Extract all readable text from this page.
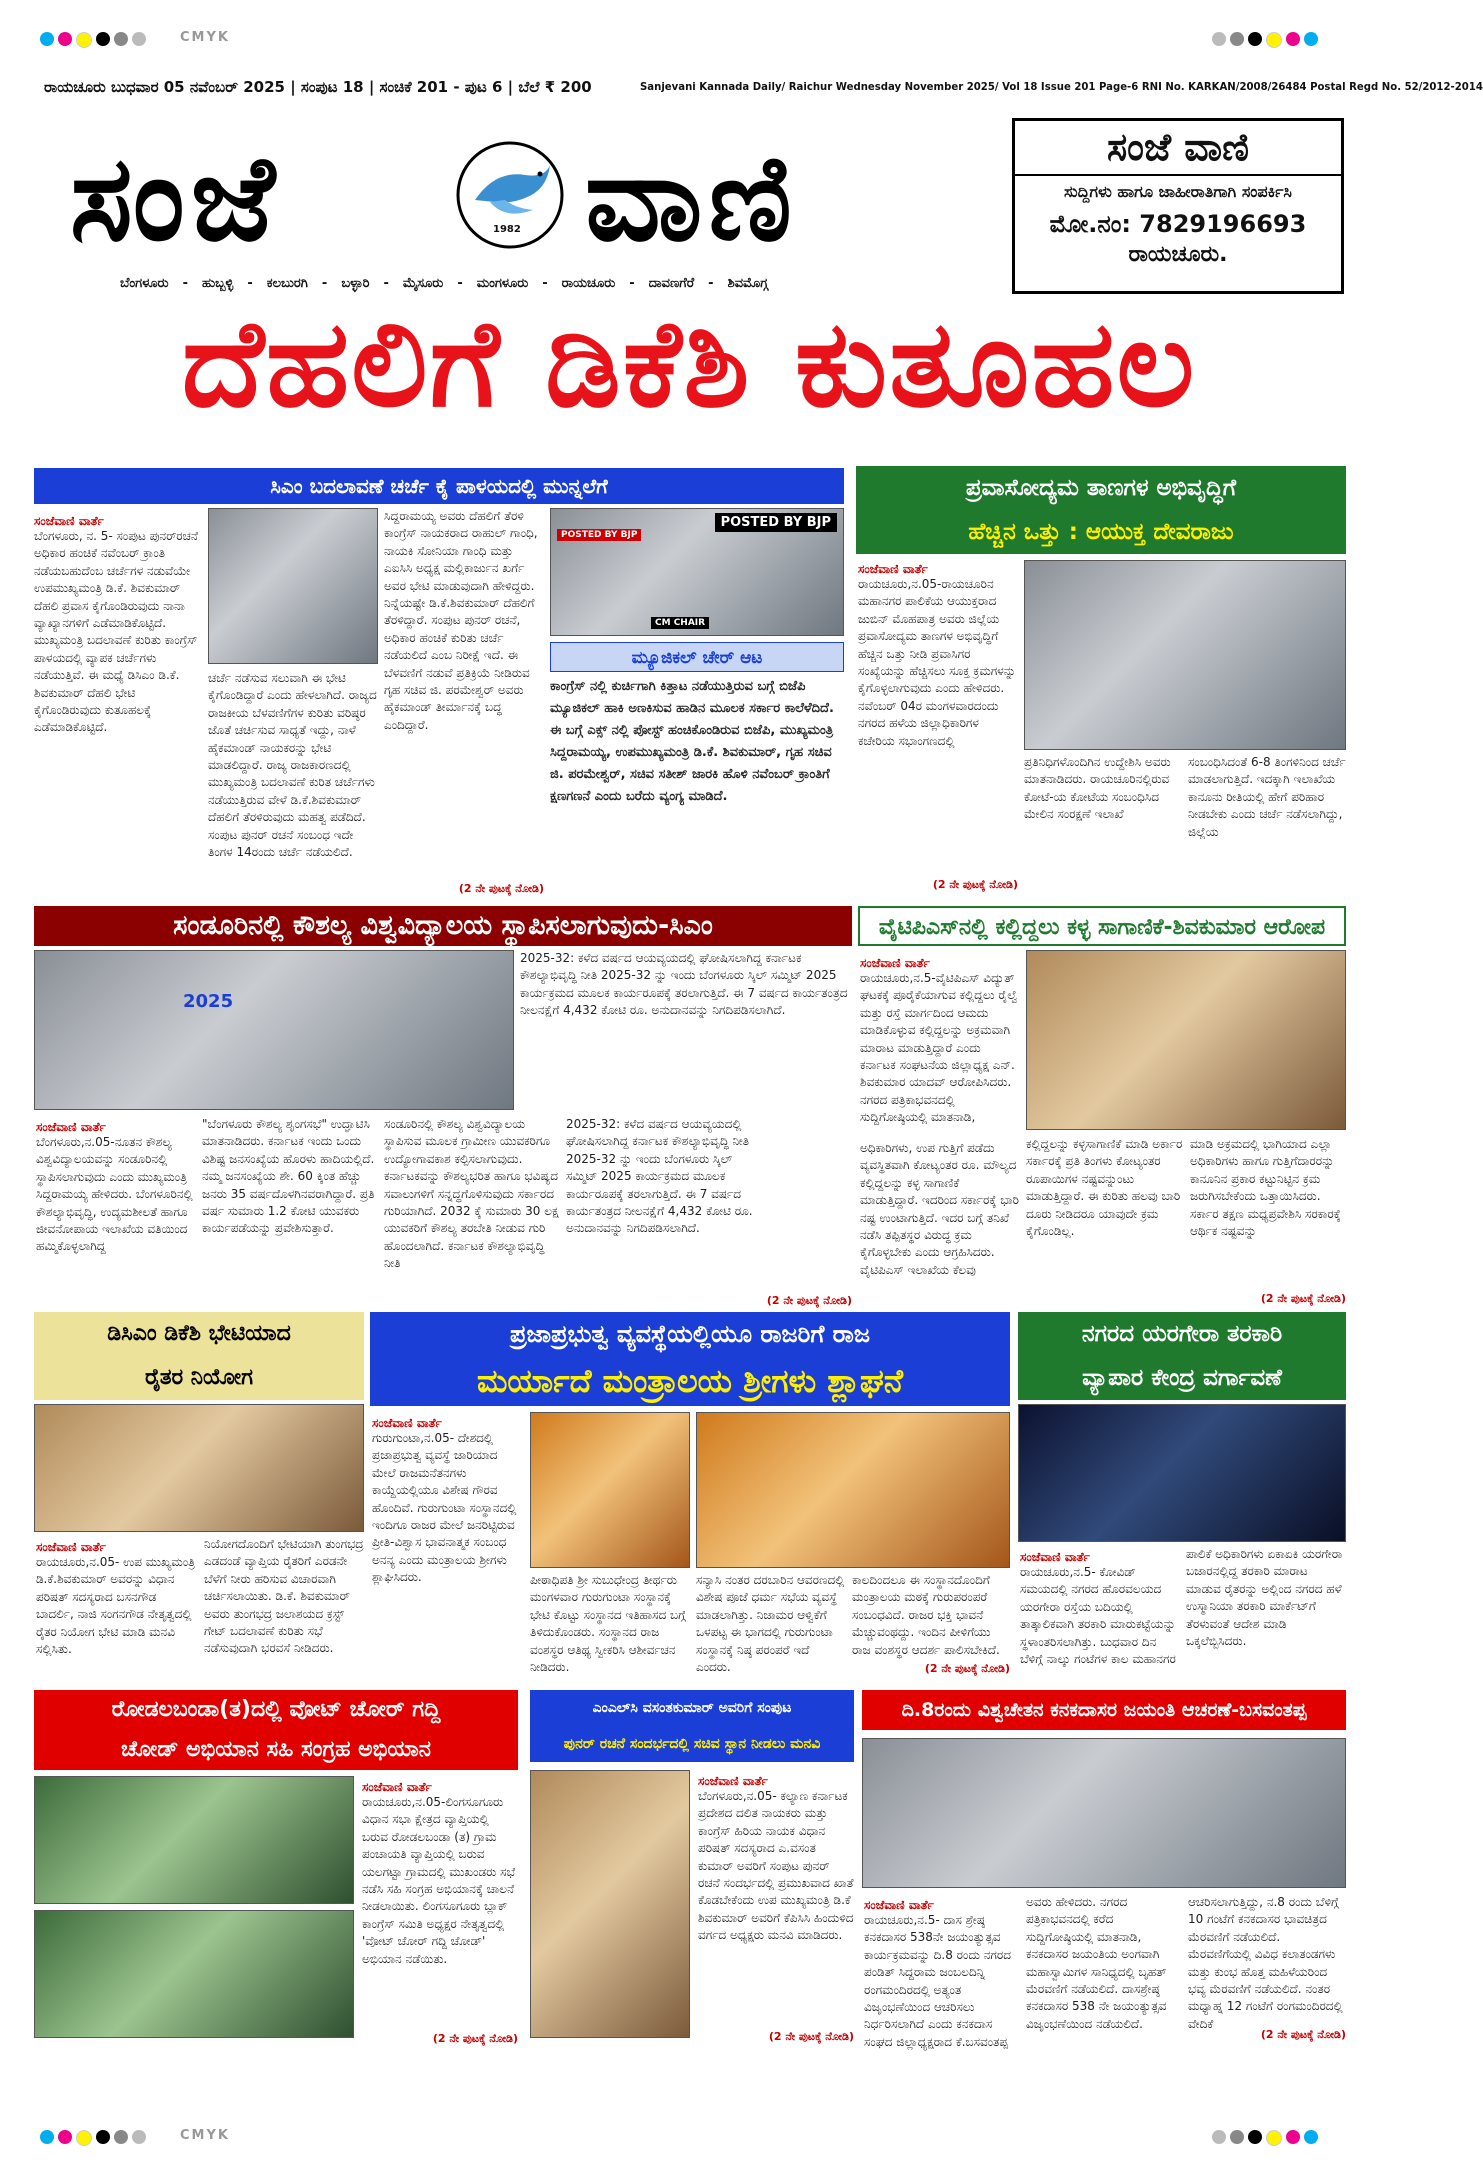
CMYK
ರಾಯಚೂರು ಬುಧವಾರ 05 ನವೆಂಬರ್ 2025 | ಸಂಪುಟ 18 | ಸಂಚಿಕೆ 201 - ಪುಟ 6 | ಬೆಲೆ ₹ 200	Sanjevani Kannada Daily/ Raichur Wednesday November 2025/ Vol 18 Issue 201 Page-6 RNI No. KARKAN/2008/26484 Postal Regd No. 52/2012-2014
ಸಂಜೆ	1982 ವಾಣಿ
ಬೆಂಗಳೂರು - ಹುಬ್ಬಳ್ಳಿ - ಕಲಬುರಗಿ - ಬಳ್ಳಾರಿ - ಮೈಸೂರು - ಮಂಗಳೂರು - ರಾಯಚೂರು - ದಾವಣಗೆರೆ - ಶಿವಮೊಗ್ಗ
ಸಂಜೆ ವಾಣಿ
ಸುದ್ದಿಗಳು ಹಾಗೂ ಜಾಹೀರಾತಿಗಾಗಿ ಸಂಪರ್ಕಿಸಿ
ಮೋ.ನಂ: 7829196693
ರಾಯಚೂರು.
ದೆಹಲಿಗೆ ಡಿಕೆಶಿ ಕುತೂಹಲ
ಸಿಎಂ ಬದಲಾವಣೆ ಚರ್ಚೆ ಕೈ ಪಾಳಯದಲ್ಲಿ ಮುನ್ನಲೆಗೆ
ಸಂಜೆವಾಣಿ ವಾರ್ತೆ
ಬೆಂಗಳೂರು, ನ. 5- ಸಂಪುಟ ಪುನರ್‌ರಚನೆ ಅಧಿಕಾರ ಹಂಚಿಕೆ ನವೆಂಬರ್ ಕ್ರಾಂತಿ ನಡೆಯಬಹುದೆಂಬ ಚರ್ಚೆಗಳ ನಡುವೆಯೇ ಉಪಮುಖ್ಯಮಂತ್ರಿ ಡಿ.ಕೆ. ಶಿವಕುಮಾರ್ ದೆಹಲಿ ಪ್ರವಾಸ ಕೈಗೊಂಡಿರುವುದು ನಾನಾ ವ್ಯಾಖ್ಯಾನಗಳಿಗೆ ಎಡೆಮಾಡಿಕೊಟ್ಟಿದೆ. ಮುಖ್ಯಮಂತ್ರಿ ಬದಲಾವಣೆ ಕುರಿತು ಕಾಂಗ್ರೆಸ್ ಪಾಳಯದಲ್ಲಿ ವ್ಯಾಪಕ ಚರ್ಚೆಗಳು ನಡೆಯುತ್ತಿವೆ. ಈ ಮಧ್ಯೆ ಡಿಸಿಎಂ ಡಿ.ಕೆ. ಶಿವಕುಮಾರ್ ದೆಹಲಿ ಭೇಟಿ ಕೈಗೊಂಡಿರುವುದು ಕುತೂಹಲಕ್ಕೆ ಎಡೆಮಾಡಿಕೊಟ್ಟಿದೆ.
ಚರ್ಚೆ ನಡೆಸುವ ಸಲುವಾಗಿ ಈ ಭೇಟಿ ಕೈಗೊಂಡಿದ್ದಾರೆ ಎಂದು ಹೇಳಲಾಗಿದೆ. ರಾಜ್ಯದ ರಾಜಕೀಯ ಬೆಳವಣಿಗೆಗಳ ಕುರಿತು ವರಿಷ್ಠರ ಜೊತೆ ಚರ್ಚಿಸುವ ಸಾಧ್ಯತೆ ಇದ್ದು, ನಾಳೆ ಹೈಕಮಾಂಡ್ ನಾಯಕರನ್ನು ಭೇಟಿ ಮಾಡಲಿದ್ದಾರೆ. ರಾಜ್ಯ ರಾಜಕಾರಣದಲ್ಲಿ ಮುಖ್ಯಮಂತ್ರಿ ಬದಲಾವಣೆ ಕುರಿತ ಚರ್ಚೆಗಳು ನಡೆಯುತ್ತಿರುವ ವೇಳೆ ಡಿ.ಕೆ.ಶಿವಕುಮಾರ್ ದೆಹಲಿಗೆ ತೆರಳಿರುವುದು ಮಹತ್ವ ಪಡೆದಿದೆ. ಸಂಪುಟ ಪುನರ್ ರಚನೆ ಸಂಬಂಧ ಇದೇ ತಿಂಗಳ 14ರಂದು ಚರ್ಚೆ ನಡೆಯಲಿದೆ.
ಸಿದ್ದರಾಮಯ್ಯ ಅವರು ದೆಹಲಿಗೆ ತೆರಳಿ ಕಾಂಗ್ರೆಸ್ ನಾಯಕರಾದ ರಾಹುಲ್ ಗಾಂಧಿ, ನಾಯಕಿ ಸೋನಿಯಾ ಗಾಂಧಿ ಮತ್ತು ಎಐಸಿಸಿ ಅಧ್ಯಕ್ಷ ಮಲ್ಲಿಕಾರ್ಜುನ ಖರ್ಗೆ ಅವರ ಭೇಟಿ ಮಾಡುವುದಾಗಿ ಹೇಳಿದ್ದರು. ನಿನ್ನೆಯಷ್ಟೇ ಡಿ.ಕೆ.ಶಿವಕುಮಾರ್ ದೆಹಲಿಗೆ ತೆರಳಿದ್ದಾರೆ. ಸಂಪುಟ ಪುನರ್ ರಚನೆ, ಅಧಿಕಾರ ಹಂಚಿಕೆ ಕುರಿತು ಚರ್ಚೆ ನಡೆಯಲಿದೆ ಎಂಬ ನಿರೀಕ್ಷೆ ಇದೆ. ಈ ಬೆಳವಣಿಗೆ ನಡುವೆ ಪ್ರತಿಕ್ರಿಯೆ ನೀಡಿರುವ ಗೃಹ ಸಚಿವ ಜಿ. ಪರಮೇಶ್ವರ್ ಅವರು ಹೈಕಮಾಂಡ್ ತೀರ್ಮಾನಕ್ಕೆ ಬದ್ಧ ಎಂದಿದ್ದಾರೆ.
(2 ನೇ ಪುಟಕ್ಕೆ ನೋಡಿ)
POSTED BY BJP
POSTED BY BJP
CM CHAIR
ಮ್ಯೂಜಿಕಲ್ ಚೇರ್ ಆಟ
ಕಾಂಗ್ರೆಸ್ ನಲ್ಲಿ ಕುರ್ಚಿಗಾಗಿ ಕಿತ್ತಾಟ ನಡೆಯುತ್ತಿರುವ ಬಗ್ಗೆ ಬಿಜೆಪಿ ಮ್ಯೂಜಿಕಲ್ ಹಾಕಿ ಅಣಕಿಸುವ ಹಾಡಿನ ಮೂಲಕ ಸರ್ಕಾರ ಕಾಲೆಳೆದಿದೆ. ಈ ಬಗ್ಗೆ ಎಕ್ಸ್ ನಲ್ಲಿ ಪೋಸ್ಟ್ ಹಂಚಿಕೊಂಡಿರುವ ಬಿಜೆಪಿ, ಮುಖ್ಯಮಂತ್ರಿ ಸಿದ್ದರಾಮಯ್ಯ, ಉಪಮುಖ್ಯಮಂತ್ರಿ ಡಿ.ಕೆ. ಶಿವಕುಮಾರ್, ಗೃಹ ಸಚಿವ ಜಿ. ಪರಮೇಶ್ವರ್, ಸಚಿವ ಸತೀಶ್ ಜಾರಕಿ ಹೊಳಿ ನವೆಂಬರ್ ಕ್ರಾಂತಿಗೆ ಕ್ಷಣಗಣನೆ ಎಂದು ಬರೆದು ವ್ಯಂಗ್ಯ ಮಾಡಿದೆ.
ಪ್ರವಾಸೋದ್ಯಮ ತಾಣಗಳ ಅಭಿವೃದ್ಧಿಗೆ
ಹೆಚ್ಚಿನ ಒತ್ತು : ಆಯುಕ್ತ ದೇವರಾಜು
ಸಂಜೆವಾಣಿ ವಾರ್ತೆ
ರಾಯಚೂರು,ನ.05-ರಾಯಚೂರಿನ ಮಹಾನಗರ ಪಾಲಿಕೆಯ ಆಯುಕ್ತರಾದ ಜುಬಿನ್ ಮೊಹಪಾತ್ರ ಅವರು ಜಿಲ್ಲೆಯ ಪ್ರವಾಸೋದ್ಯಮ ತಾಣಗಳ ಅಭಿವೃದ್ಧಿಗೆ ಹೆಚ್ಚಿನ ಒತ್ತು ನೀಡಿ ಪ್ರವಾಸಿಗರ ಸಂಖ್ಯೆಯನ್ನು ಹೆಚ್ಚಿಸಲು ಸೂಕ್ತ ಕ್ರಮಗಳನ್ನು ಕೈಗೊಳ್ಳಲಾಗುವುದು ಎಂದು ಹೇಳಿದರು. ನವೆಂಬರ್ 04ರ ಮಂಗಳವಾರದಂದು ನಗರದ ಹಳೆಯ ಜಿಲ್ಲಾಧಿಕಾರಿಗಳ ಕಚೇರಿಯ ಸಭಾಂಗಣದಲ್ಲಿ
ಪ್ರತಿನಿಧಿಗಳೊಂದಿಗಿನ ಉದ್ದೇಶಿಸಿ ಅವರು ಮಾತನಾಡಿದರು. ರಾಯಚೂರಿನಲ್ಲಿರುವ ಕೋಟೆ-ಯ ಕೋಟೆಯ ಸಂಬಂಧಿಸಿದ ಮೇಲಿನ ಸಂರಕ್ಷಣೆ ಇಲಾಖೆ
ಸಂಬಂಧಿಸಿದಂತೆ 6-8 ತಿಂಗಳಿನಿಂದ ಚರ್ಚೆ ಮಾಡಲಾಗುತ್ತಿದೆ. ಇದಕ್ಕಾಗಿ ಇಲಾಖೆಯ ಕಾನೂನು ರೀತಿಯಲ್ಲಿ ಹೇಗೆ ಪರಿಹಾರ ನೀಡಬೇಕು ಎಂದು ಚರ್ಚೆ ನಡೆಸಲಾಗಿದ್ದು, ಜಿಲ್ಲೆಯ
(2 ನೇ ಪುಟಕ್ಕೆ ನೋಡಿ)
ಸಂಡೂರಿನಲ್ಲಿ ಕೌಶಲ್ಯ ವಿಶ್ವವಿದ್ಯಾಲಯ ಸ್ಥಾಪಿಸಲಾಗುವುದು-ಸಿಎಂ
2025
2025-32: ಕಳೆದ ವರ್ಷದ ಆಯವ್ಯಯದಲ್ಲಿ ಘೋಷಿಸಲಾಗಿದ್ದ ಕರ್ನಾಟಕ ಕೌಶಲ್ಯಾಭಿವೃದ್ಧಿ ನೀತಿ 2025-32 ನ್ನು ಇಂದು ಬೆಂಗಳೂರು ಸ್ಕಿಲ್ ಸಮ್ಮಿಟ್ 2025 ಕಾರ್ಯಕ್ರಮದ ಮೂಲಕ ಕಾರ್ಯರೂಪಕ್ಕೆ ತರಲಾಗುತ್ತಿದೆ. ಈ 7 ವರ್ಷದ ಕಾರ್ಯತಂತ್ರದ ನೀಲನಕ್ಷೆಗೆ 4,432 ಕೋಟಿ ರೂ. ಅನುದಾನವನ್ನು ನಿಗದಿಪಡಿಸಲಾಗಿದೆ.
ಸಂಜೆವಾಣಿ ವಾರ್ತೆ
ಬೆಂಗಳೂರು,ನ.05-ನೂತನ ಕೌಶಲ್ಯ ವಿಶ್ವವಿದ್ಯಾಲಯವನ್ನು ಸಂಡೂರಿನಲ್ಲಿ ಸ್ಥಾಪಿಸಲಾಗುವುದು ಎಂದು ಮುಖ್ಯಮಂತ್ರಿ ಸಿದ್ದರಾಮಯ್ಯ ಹೇಳಿದರು. ಬೆಂಗಳೂರಿನಲ್ಲಿ ಕೌಶಲ್ಯಾಭಿವೃದ್ಧಿ, ಉದ್ಯಮಶೀಲತೆ ಹಾಗೂ ಜೀವನೋಪಾಯ ಇಲಾಖೆಯ ವತಿಯಿಂದ ಹಮ್ಮಿಕೊಳ್ಳಲಾಗಿದ್ದ
"ಬೆಂಗಳೂರು ಕೌಶಲ್ಯ ಶೃಂಗಸಭೆ" ಉದ್ಘಾಟಿಸಿ ಮಾತನಾಡಿದರು. ಕರ್ನಾಟಕ ಇಂದು ಒಂದು ವಿಶಿಷ್ಟ ಜನಸಂಖ್ಯೆಯ ಹೊರಳು ಹಾದಿಯಲ್ಲಿದೆ. ನಮ್ಮ ಜನಸಂಖ್ಯೆಯ ಶೇ. 60 ಕ್ಕಿಂತ ಹೆಚ್ಚು ಜನರು 35 ವರ್ಷದೊಳಗಿನವರಾಗಿದ್ದಾರೆ. ಪ್ರತಿ ವರ್ಷ ಸುಮಾರು 1.2 ಕೋಟಿ ಯುವಕರು ಕಾರ್ಯಪಡೆಯನ್ನು ಪ್ರವೇಶಿಸುತ್ತಾರೆ.
ಸಂಡೂರಿನಲ್ಲಿ ಕೌಶಲ್ಯ ವಿಶ್ವವಿದ್ಯಾಲಯ ಸ್ಥಾಪಿಸುವ ಮೂಲಕ ಗ್ರಾಮೀಣ ಯುವಕರಿಗೂ ಉದ್ಯೋಗಾವಕಾಶ ಕಲ್ಪಿಸಲಾಗುವುದು. ಕರ್ನಾಟಕವನ್ನು ಕೌಶಲ್ಯಭರಿತ ಹಾಗೂ ಭವಿಷ್ಯದ ಸವಾಲುಗಳಿಗೆ ಸನ್ನದ್ಧಗೊಳಿಸುವುದು ಸರ್ಕಾರದ ಗುರಿಯಾಗಿದೆ. 2032 ಕ್ಕೆ ಸುಮಾರು 30 ಲಕ್ಷ ಯುವಕರಿಗೆ ಕೌಶಲ್ಯ ತರಬೇತಿ ನೀಡುವ ಗುರಿ ಹೊಂದಲಾಗಿದೆ. ಕರ್ನಾಟಕ ಕೌಶಲ್ಯಾಭಿವೃದ್ಧಿ ನೀತಿ
2025-32: ಕಳೆದ ವರ್ಷದ ಆಯವ್ಯಯದಲ್ಲಿ ಘೋಷಿಸಲಾಗಿದ್ದ ಕರ್ನಾಟಕ ಕೌಶಲ್ಯಾಭಿವೃದ್ಧಿ ನೀತಿ 2025-32 ನ್ನು ಇಂದು ಬೆಂಗಳೂರು ಸ್ಕಿಲ್ ಸಮ್ಮಿಟ್ 2025 ಕಾರ್ಯಕ್ರಮದ ಮೂಲಕ ಕಾರ್ಯರೂಪಕ್ಕೆ ತರಲಾಗುತ್ತಿದೆ. ಈ 7 ವರ್ಷದ ಕಾರ್ಯತಂತ್ರದ ನೀಲನಕ್ಷೆಗೆ 4,432 ಕೋಟಿ ರೂ. ಅನುದಾನವನ್ನು ನಿಗದಿಪಡಿಸಲಾಗಿದೆ.
(2 ನೇ ಪುಟಕ್ಕೆ ನೋಡಿ)
ವೈಟಿಪಿಎಸ್‌ನಲ್ಲಿ ಕಲ್ಲಿದ್ದಲು ಕಳ್ಳ ಸಾಗಾಣಿಕೆ-ಶಿವಕುಮಾರ ಆರೋಪ
ಸಂಜೆವಾಣಿ ವಾರ್ತೆ
ರಾಯಚೂರು,ನ.5-ವೈಟಿಪಿಎಸ್ ವಿದ್ಯುತ್ ಘಟಕಕ್ಕೆ ಪೂರೈಕೆಯಾಗುವ ಕಲ್ಲಿದ್ದಲು ರೈಲ್ವೆ ಮತ್ತು ರಸ್ತೆ ಮಾರ್ಗದಿಂದ ಆಮದು ಮಾಡಿಕೊಳ್ಳುವ ಕಲ್ಲಿದ್ದಲನ್ನು ಅಕ್ರಮವಾಗಿ ಮಾರಾಟ ಮಾಡುತ್ತಿದ್ದಾರೆ ಎಂದು ಕರ್ನಾಟಕ ಸಂಘಟನೆಯ ಜಿಲ್ಲಾಧ್ಯಕ್ಷ ಎನ್. ಶಿವಕುಮಾರ ಯಾದವ್ ಆರೋಪಿಸಿದರು. ನಗರದ ಪತ್ರಿಕಾಭವನದಲ್ಲಿ ಸುದ್ದಿಗೋಷ್ಠಿಯಲ್ಲಿ ಮಾತನಾಡಿ,
ಅಧಿಕಾರಿಗಳು, ಉಪ ಗುತ್ತಿಗೆ ಪಡೆದು ವ್ಯವಸ್ಥಿತವಾಗಿ ಕೋಟ್ಯಂತರ ರೂ. ಮೌಲ್ಯದ ಕಲ್ಲಿದ್ದಲನ್ನು ಕಳ್ಳ ಸಾಗಾಣಿಕೆ ಮಾಡುತ್ತಿದ್ದಾರೆ. ಇದರಿಂದ ಸರ್ಕಾರಕ್ಕೆ ಭಾರಿ ನಷ್ಟ ಉಂಟಾಗುತ್ತಿದೆ. ಇದರ ಬಗ್ಗೆ ತನಿಖೆ ನಡೆಸಿ ತಪ್ಪಿತಸ್ಥರ ವಿರುದ್ಧ ಕ್ರಮ ಕೈಗೊಳ್ಳಬೇಕು ಎಂದು ಆಗ್ರಹಿಸಿದರು. ವೈಟಿಪಿಎಸ್ ಇಲಾಖೆಯ ಕೆಲವು
ಕಲ್ಲಿದ್ದಲನ್ನು ಕಳ್ಳಸಾಗಾಣಿಕೆ ಮಾಡಿ ಅರ್ಕಾರ ಸರ್ಕಾರಕ್ಕೆ ಪ್ರತಿ ತಿಂಗಳು ಕೋಟ್ಯಂತರ ರೂಪಾಯಿಗಳ ನಷ್ಟವನ್ನುಂಟು ಮಾಡುತ್ತಿದ್ದಾರೆ. ಈ ಕುರಿತು ಹಲವು ಬಾರಿ ದೂರು ನೀಡಿದರೂ ಯಾವುದೇ ಕ್ರಮ ಕೈಗೊಂಡಿಲ್ಲ.
ಮಾಡಿ ಅಕ್ರಮದಲ್ಲಿ ಭಾಗಿಯಾದ ಎಲ್ಲಾ ಅಧಿಕಾರಿಗಳು ಹಾಗೂ ಗುತ್ತಿಗೆದಾರರನ್ನು ಕಾನೂನಿನ ಪ್ರಕಾರ ಕಟ್ಟುನಿಟ್ಟಿನ ಕ್ರಮ ಜರುಗಿಸಬೇಕೆಂದು ಒತ್ತಾಯಿಸಿದರು. ಸರ್ಕಾರ ತಕ್ಷಣ ಮಧ್ಯಪ್ರವೇಶಿಸಿ ಸರಕಾರಕ್ಕೆ ಆರ್ಥಿಕ ನಷ್ಟವನ್ನು
(2 ನೇ ಪುಟಕ್ಕೆ ನೋಡಿ)
ಡಿಸಿಎಂ ಡಿಕೆಶಿ ಭೇಟಿಯಾದ
ರೈತರ ನಿಯೋಗ
ಸಂಜೆವಾಣಿ ವಾರ್ತೆ
ರಾಯಚೂರು,ನ.05- ಉಪ ಮುಖ್ಯಮಂತ್ರಿ ಡಿ.ಕೆ.ಶಿವಕುಮಾರ್ ಅವರನ್ನು ವಿಧಾನ ಪರಿಷತ್ ಸದಸ್ಯರಾದ ಬಸನಗೌಡ ಬಾದರ್ಲಿ, ನಾಜಿ ಸಂಗನಗೌಡ ನೇತೃತ್ವದಲ್ಲಿ ರೈತರ ನಿಯೋಗ ಭೇಟಿ ಮಾಡಿ ಮನವಿ ಸಲ್ಲಿಸಿತು.
ನಿಯೋಗದೊಂದಿಗೆ ಭೇಟಿಯಾಗಿ ತುಂಗಭದ್ರ ಎಡದಂಡೆ ವ್ಯಾಪ್ತಿಯ ರೈತರಿಗೆ ಎರಡನೇ ಬೆಳೆಗೆ ನೀರು ಹರಿಸುವ ವಿಚಾರವಾಗಿ ಚರ್ಚಿಸಲಾಯಿತು. ಡಿ.ಕೆ. ಶಿವಕುಮಾರ್ ಅವರು ತುಂಗಭದ್ರ ಜಲಾಶಯದ ಕ್ರಸ್ಟ್ ಗೇಟ್ ಬದಲಾವಣೆ ಕುರಿತು ಸಭೆ ನಡೆಸುವುದಾಗಿ ಭರವಸೆ ನೀಡಿದರು.
ಪ್ರಜಾಪ್ರಭುತ್ವ ವ್ಯವಸ್ಥೆಯಲ್ಲಿಯೂ ರಾಜರಿಗೆ ರಾಜ
ಮರ್ಯಾದೆ ಮಂತ್ರಾಲಯ ಶ್ರೀಗಳು ಶ್ಲಾಘನೆ
ಸಂಜೆವಾಣಿ ವಾರ್ತೆ
ಗುರುಗುಂಟಾ,ನ.05- ದೇಶದಲ್ಲಿ ಪ್ರಜಾಪ್ರಭುತ್ವ ವ್ಯವಸ್ಥೆ ಜಾರಿಯಾದ ಮೇಲೆ ರಾಜಮನೆತನಗಳು ಕಾಯ್ದೆಯಲ್ಲಿಯೂ ವಿಶೇಷ ಗೌರವ ಹೊಂದಿವೆ. ಗುರುಗುಂಟಾ ಸಂಸ್ಥಾನದಲ್ಲಿ ಇಂದಿಗೂ ರಾಜರ ಮೇಲೆ ಜನರಿಟ್ಟಿರುವ ಪ್ರೀತಿ-ವಿಶ್ವಾಸ ಭಾವನಾತ್ಮಕ ಸಂಬಂಧ ಅನನ್ಯ ಎಂದು ಮಂತ್ರಾಲಯ ಶ್ರೀಗಳು ಶ್ಲಾಘಿಸಿದರು.	ಪೀಠಾಧಿಪತಿ ಶ್ರೀ ಸುಬುಧೇಂದ್ರ ತೀರ್ಥರು ಮಂಗಳವಾರ ಗುರುಗುಂಟಾ ಸಂಸ್ಥಾನಕ್ಕೆ ಭೇಟಿ ಕೊಟ್ಟು ಸಂಸ್ಥಾನದ ಇತಿಹಾಸದ ಬಗ್ಗೆ ತಿಳಿದುಕೊಂಡರು. ಸಂಸ್ಥಾನದ ರಾಜ ವಂಶಸ್ಥರ ಆತಿಥ್ಯ ಸ್ವೀಕರಿಸಿ ಆಶೀರ್ವಚನ ನೀಡಿದರು.
ಸನ್ಯಾಸಿ ನಂತರ ದರಬಾರಿನ ಆವರಣದಲ್ಲಿ ವಿಶೇಷ ಪೂಜೆ ಧರ್ಮ ಸಭೆಯ ವ್ಯವಸ್ಥೆ ಮಾಡಲಾಗಿತ್ತು. ನಿಜಾಮರ ಆಳ್ವಿಕೆಗೆ ಒಳಪಟ್ಟ ಈ ಭಾಗದಲ್ಲಿ ಗುರುಗುಂಟಾ ಸಂಸ್ಥಾನಕ್ಕೆ ನಿಷ್ಠ ಪರಂಪರೆ ಇದೆ ಎಂದರು.
ಕಾಲದಿಂದಲೂ ಈ ಸಂಸ್ಥಾನದೊಂದಿಗೆ ಮಂತ್ರಾಲಯ ಮಠಕ್ಕೆ ಗುರುಪರಂಪರೆ ಸಂಬಂಧವಿದೆ. ರಾಜರ ಭಕ್ತಿ ಭಾವನೆ ಮೆಚ್ಚುವಂಥದ್ದು. ಇಂದಿನ ಪೀಳಿಗೆಯು ರಾಜ ವಂಶಸ್ಥರ ಆದರ್ಶ ಪಾಲಿಸಬೇಕಿದೆ.
(2 ನೇ ಪುಟಕ್ಕೆ ನೋಡಿ)
ನಗರದ ಯರಗೇರಾ ತರಕಾರಿ
ವ್ಯಾಪಾರ ಕೇಂದ್ರ ವರ್ಗಾವಣೆ
ಸಂಜೆವಾಣಿ ವಾರ್ತೆ
ರಾಯಚೂರು,ನ.5- ಕೋವಿಡ್ ಸಮಯದಲ್ಲಿ ನಗರದ ಹೊರವಲಯದ ಯರಗೇರಾ ರಸ್ತೆಯ ಬದಿಯಲ್ಲಿ ತಾತ್ಕಾಲಿಕವಾಗಿ ತರಕಾರಿ ಮಾರುಕಟ್ಟೆಯನ್ನು ಸ್ಥಳಾಂತರಿಸಲಾಗಿತ್ತು. ಬುಧವಾರ ದಿನ ಬೆಳಿಗ್ಗೆ ನಾಲ್ಕು ಗಂಟೆಗಳ ಕಾಲ ಮಹಾನಗರ
ಪಾಲಿಕೆ ಅಧಿಕಾರಿಗಳು ಏಕಾಏಕಿ ಯರಗೇರಾ ಬಜಾರನಲ್ಲಿದ್ದ ತರಕಾರಿ ಮಾರಾಟ ಮಾಡುವ ರೈತರನ್ನು ಅಲ್ಲಿಂದ ನಗರದ ಹಳೆ ಉಸ್ಮಾನಿಯಾ ತರಕಾರಿ ಮಾರ್ಕೆಟ್‌ಗೆ ತೆರಳುವಂತೆ ಆದೇಶ ಮಾಡಿ ಒಕ್ಕಲೆಬ್ಬಿಸಿದರು.
ರೋಡಲಬಂಡಾ(ತ)ದಲ್ಲಿ ವೋಟ್ ಚೋರ್ ಗದ್ದಿ
ಚೋಡ್ ಅಭಿಯಾನ ಸಹಿ ಸಂಗ್ರಹ ಅಭಿಯಾನ
ಸಂಜೆವಾಣಿ ವಾರ್ತೆ
ರಾಯಚೂರು,ನ.05-ಲಿಂಗಸೂಗೂರು ವಿಧಾನ ಸಭಾ ಕ್ಷೇತ್ರದ ವ್ಯಾಪ್ತಿಯಲ್ಲಿ ಬರುವ ರೋಡಲಬಂಡಾ (ತ) ಗ್ರಾಮ ಪಂಚಾಯತಿ ವ್ಯಾಪ್ತಿಯಲ್ಲಿ ಬರುವ ಯಲಗಟ್ಟಾ ಗ್ರಾಮದಲ್ಲಿ ಮುಖಂಡರು ಸಭೆ ನಡೆಸಿ ಸಹಿ ಸಂಗ್ರಹ ಅಭಿಯಾನಕ್ಕೆ ಚಾಲನೆ ನೀಡಲಾಯಿತು. ಲಿಂಗಸೂಗೂರು ಬ್ಲಾಕ್ ಕಾಂಗ್ರೆಸ್ ಸಮಿತಿ ಅಧ್ಯಕ್ಷರ ನೇತೃತ್ವದಲ್ಲಿ 'ವೋಟ್ ಚೋರ್ ಗದ್ದಿ ಚೋಡ್' ಅಭಿಯಾನ ನಡೆಯಿತು.
(2 ನೇ ಪುಟಕ್ಕೆ ನೋಡಿ)
ಎಂಎಲ್‌ಸಿ ವಸಂತಕುಮಾರ್ ಅವರಿಗೆ ಸಂಪುಟ
ಪುನರ್ ರಚನೆ ಸಂದರ್ಭದಲ್ಲಿ ಸಚಿವ ಸ್ಥಾನ ನೀಡಲು ಮನವಿ
ಸಂಜೆವಾಣಿ ವಾರ್ತೆ
ಬೆಂಗಳೂರು,ನ.05- ಕಲ್ಯಾಣ ಕರ್ನಾಟಕ ಪ್ರದೇಶದ ದಲಿತ ನಾಯಕರು ಮತ್ತು ಕಾಂಗ್ರೆಸ್ ಹಿರಿಯ ನಾಯಕ ವಿಧಾನ ಪರಿಷತ್ ಸದಸ್ಯರಾದ ಎ.ವಸಂತ ಕುಮಾರ್ ಅವರಿಗೆ ಸಂಪುಟ ಪುನರ್ ರಚನೆ ಸಂದರ್ಭದಲ್ಲಿ ಪ್ರಮುಖವಾದ ಖಾತೆ ಕೊಡಬೇಕೆಂದು ಉಪ ಮುಖ್ಯಮಂತ್ರಿ ಡಿ.ಕೆ ಶಿವಕುಮಾರ್ ಅವರಿಗೆ ಕೆಪಿಸಿಸಿ ಹಿಂದುಳಿದ ವರ್ಗದ ಅಧ್ಯಕ್ಷರು ಮನವಿ ಮಾಡಿದರು.
(2 ನೇ ಪುಟಕ್ಕೆ ನೋಡಿ)
ದಿ.8ರಂದು ವಿಶ್ವಚೇತನ ಕನಕದಾಸರ ಜಯಂತಿ ಆಚರಣೆ-ಬಸವಂತಪ್ಪ
ಸಂಜೆವಾಣಿ ವಾರ್ತೆ
ರಾಯಚೂರು,ನ.5- ದಾಸ ಶ್ರೇಷ್ಠ ಕನಕದಾಸರ 538ನೇ ಜಯಂತ್ಯುತ್ಸವ ಕಾರ್ಯಕ್ರಮವನ್ನು ದಿ.8 ರಂದು ನಗರದ ಪಂಡಿತ್ ಸಿದ್ದರಾಮ ಜಂಬಲದಿನ್ನಿ ರಂಗಮಂದಿರದಲ್ಲಿ ಅತ್ಯಂತ ವಿಜೃಂಭಣೆಯಿಂದ ಆಚರಿಸಲು ನಿರ್ಧರಿಸಲಾಗಿದೆ ಎಂದು ಕನಕದಾಸ ಸಂಘದ ಜಿಲ್ಲಾಧ್ಯಕ್ಷರಾದ ಕೆ.ಬಸವಂತಪ್ಪ
ಅವರು ಹೇಳಿದರು. ನಗರದ ಪತ್ರಿಕಾಭವನದಲ್ಲಿ ಕರೆದ ಸುದ್ದಿಗೋಷ್ಠಿಯಲ್ಲಿ ಮಾತನಾಡಿ, ಕನಕದಾಸರ ಜಯಂತಿಯ ಅಂಗವಾಗಿ ಮಹಾಸ್ವಾಮಿಗಳ ಸಾನಿಧ್ಯದಲ್ಲಿ ಬೃಹತ್ ಮೆರವಣಿಗೆ ನಡೆಯಲಿದೆ. ದಾಸಶ್ರೇಷ್ಠ ಕನಕದಾಸರ 538 ನೇ ಜಯಂತ್ಯುತ್ಸವ ವಿಜೃಂಭಣೆಯಿಂದ ನಡೆಯಲಿದೆ.
ಆಚರಿಸಲಾಗುತ್ತಿದ್ದು, ನ.8 ರಂದು ಬೆಳಿಗ್ಗೆ 10 ಗಂಟೆಗೆ ಕನಕದಾಸರ ಭಾವಚಿತ್ರದ ಮೆರವಣಿಗೆ ನಡೆಯಲಿದೆ. ಮೆರವಣಿಗೆಯಲ್ಲಿ ವಿವಿಧ ಕಲಾತಂಡಗಳು ಮತ್ತು ಕುಂಭ ಹೊತ್ತ ಮಹಿಳೆಯರಿಂದ ಭವ್ಯ ಮೆರವಣಿಗೆ ನಡೆಯಲಿದೆ. ನಂತರ ಮಧ್ಯಾಹ್ನ 12 ಗಂಟೆಗೆ ರಂಗಮಂದಿರದಲ್ಲಿ ವೇದಿಕೆ
(2 ನೇ ಪುಟಕ್ಕೆ ನೋಡಿ)
CMYK
